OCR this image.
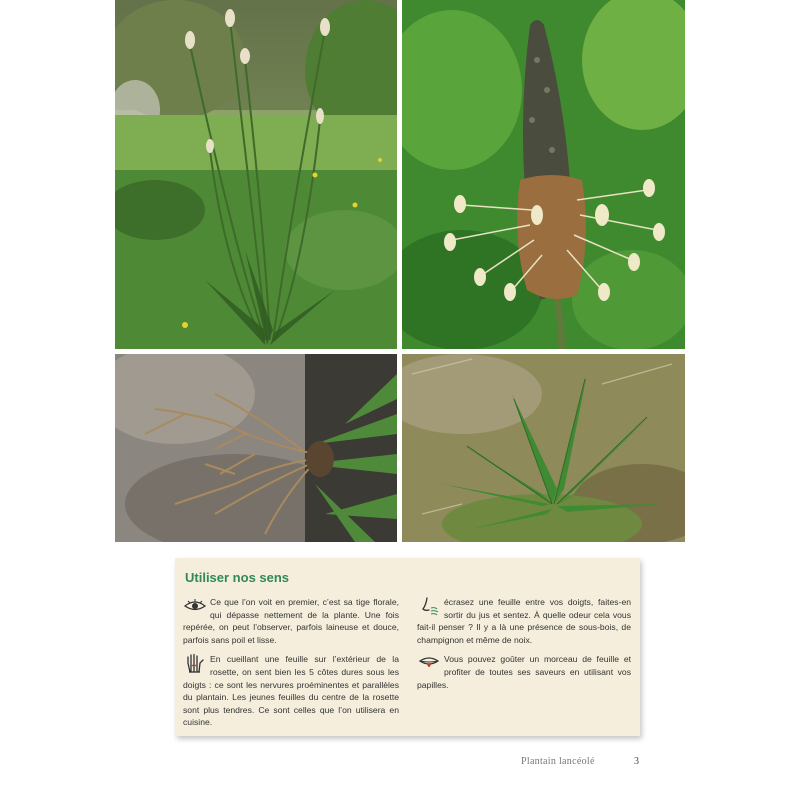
Utiliser nos sens
Ce que l’on voit en premier, c’est sa tige florale, qui dépasse nettement de la plante. Une fois repérée, on peut l’observer, parfois laineuse et douce, parfois sans poil et lisse.
En cueillant une feuille sur l’extérieur de la rosette, on sent bien les 5 côtes dures sous les doigts : ce sont les nervures proéminentes et parallèles du plantain. Les jeunes feuilles du centre de la rosette sont plus tendres. Ce sont celles que l’on utilisera en cuisine.
écrasez une feuille entre vos doigts, faites-en sortir du jus et sentez. À quelle odeur cela vous fait-il penser ? Il y a là une présence de sous-bois, de champignon et même de noix.
Vous pouvez goûter un morceau de feuille et profiter de toutes ses saveurs en utilisant vos papilles.
Plantain lancéolé	3
